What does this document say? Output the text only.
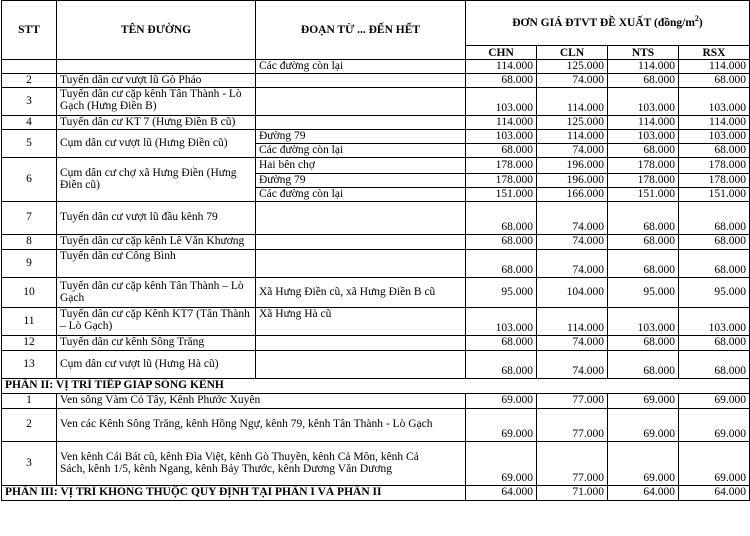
STT	TÊN ĐƯỜNG	ĐOẠN TỪ ... ĐẾN HẾT	ĐƠN GIÁ ĐTVT ĐỀ XUẤT $(đồng/m^2)$			
			CHN	CLN	NTS	RSX
		Các đường còn lại	114.000	125.000	114.000	114.000
2	Tuyến dân cư vượt lũ Gò Pháo		68.000	74.000	68.000	68.000
3	Tuyến dân cư cặp kênh Tân Thành - Lò Gạch (Hưng Điền B)		103.000	114.000	103.000	103.000
4	Tuyến dân cư KT 7 (Hưng Điền B cũ)		114.000	125.000	114.000	114.000
5	Cụm dân cư vượt lũ (Hưng Điền cũ)	Đường 79	103.000	114.000	103.000	103.000
		Các đường còn lại	68.000	74.000	68.000	68.000
6	Cụm dân cư chợ xã Hưng Điền (Hưng Điền cũ)	Hai bên chợ	178.000	196.000	178.000	178.000
		Đường 79	178.000	196.000	178.000	178.000
		Các đường còn lại	151.000	166.000	151.000	151.000
7	Tuyến dân cư vượt lũ đầu kênh 79		68.000	74.000	68.000	68.000
8	Tuyến dân cư cặp kênh Lê Văn Khương		68.000	74.000	68.000	68.000
9	Tuyến dân cư Công Bình		68.000	74.000	68.000	68.000
10	Tuyến dân cư cặp kênh Tân Thành – Lò Gạch	Xã Hưng Điền cũ, xã Hưng Điền B cũ	95.000	104.000	95.000	95.000
11	Tuyến dân cư cặp Kênh KT7 (Tân Thành – Lò Gạch)	Xã Hưng Hà cũ	103.000	114.000	103.000	103.000
12	Tuyến dân cư kênh Sông Trăng		68.000	74.000	68.000	68.000
13	Cụm dân cư vượt lũ (Hưng Hà cũ)		68.000	74.000	68.000	68.000
PHẦN II: VỊ TRÍ TIẾP GIÁP SÔNG KÊNH						
1	Ven sông Vàm Cỏ Tây, Kênh Phước Xuyên		69.000	77.000	69.000	69.000
2	Ven các Kênh Sông Trăng, kênh Hồng Ngự, kênh 79, kênh Tân Thành - Lò Gạch		69.000	77.000	69.000	69.000
3	Ven kênh Cái Bát cũ, kênh Đìa Việt, kênh Gò Thuyền, kênh Cả Môn, kênh Cả Sách, kênh 1/5, kênh Ngang, kênh Bảy Thước, kênh Dương Văn Dương		69.000	77.000	69.000	69.000
PHẦN III: VỊ TRÍ KHÔNG THUỘC QUY ĐỊNH TẠI PHẦN I VÀ PHẦN II			64.000	71.000	64.000	64.000
